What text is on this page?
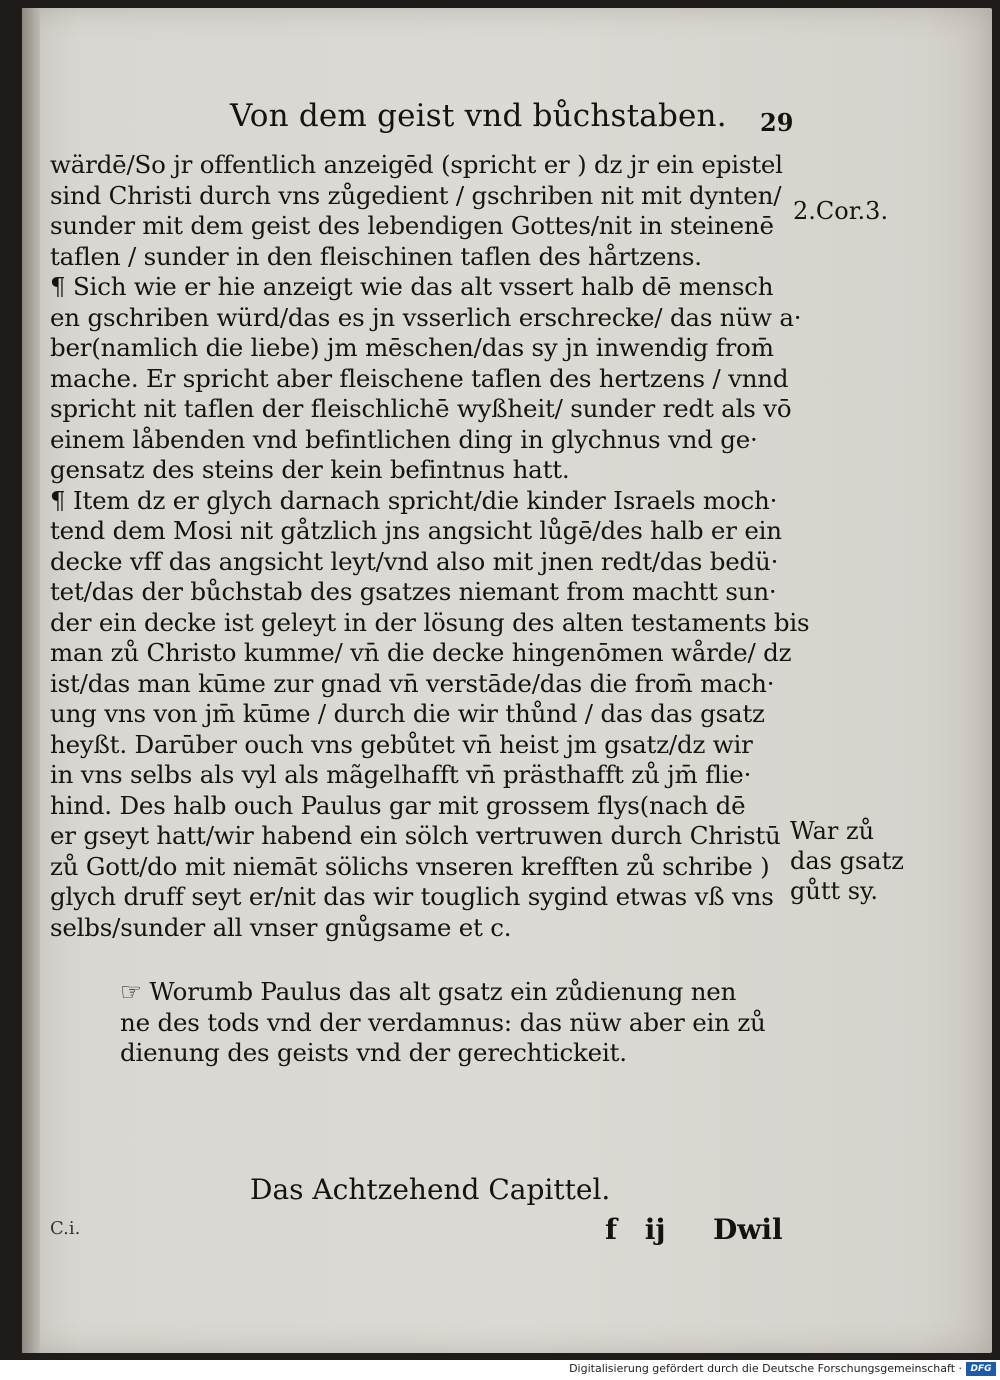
Von dem geist vnd bůchstaben. 29
wärdē/So jr offentlich anzeigēd (spricht er ) dz jr ein epistel
sind Christi durch vns zůgedient / gschriben nit mit dynten/
sunder mit dem geist des lebendigen Gottes/nit in steinenē
taflen / sunder in den fleischinen taflen des hårtzens.
¶ Sich wie er hie anzeigt wie das alt vssert halb dē mensch
en gschriben würd/das es jn vsserlich erschrecke/ das nüw a·
ber(namlich die liebe) jm mēschen/das sy jn inwendig from̄
mache. Er spricht aber fleischene taflen des hertzens / vnnd
spricht nit taflen der fleischlichē wyßheit/ sunder redt als vō
einem låbenden vnd befintlichen ding in glychnus vnd ge·
gensatz des steins der kein befintnus hatt.
¶ Item dz er glych darnach spricht/die kinder Israels moch·
tend dem Mosi nit gåtzlich jns angsicht lůgē/des halb er ein
decke vff das angsicht leyt/vnd also mit jnen redt/das bedü·
tet/das der bůchstab des gsatzes niemant from machtt sun·
der ein decke ist geleyt in der lösung des alten testaments bis
man zů Christo kumme/ vn̄ die decke hingenōmen wårde/ dz
ist/das man kūme zur gnad vn̄ verstāde/das die from̄ mach·
ung vns von jm̄ kūme / durch die wir thůnd / das das gsatz
heyßt. Darūber ouch vns gebůtet vn̄ heist jm gsatz/dz wir
in vns selbs als vyl als mãgelhafft vn̄ prästhafft zů jm̄ flie·
hind. Des halb ouch Paulus gar mit grossem flys(nach dē
er gseyt hatt/wir habend ein sölch vertruwen durch Christū
zů Gott/do mit niemāt sölichs vnseren krefften zů schribe )
glych druff seyt er/nit das wir touglich sygind etwas vß vns
selbs/sunder all vnser gnůgsame et c.
☞ Worumb Paulus das alt gsatz ein zůdienung nen
ne des tods vnd der verdamnus: das nüw aber ein zů
dienung des geists vnd der gerechtickeit.
2.Cor.3.
War zů
das gsatz
gůtt sy.
Das Achtzehend Capittel.
C.i.	f ij Dwil
Digitalisierung gefördert durch die Deutsche Forschungsgemeinschaft · DFG
